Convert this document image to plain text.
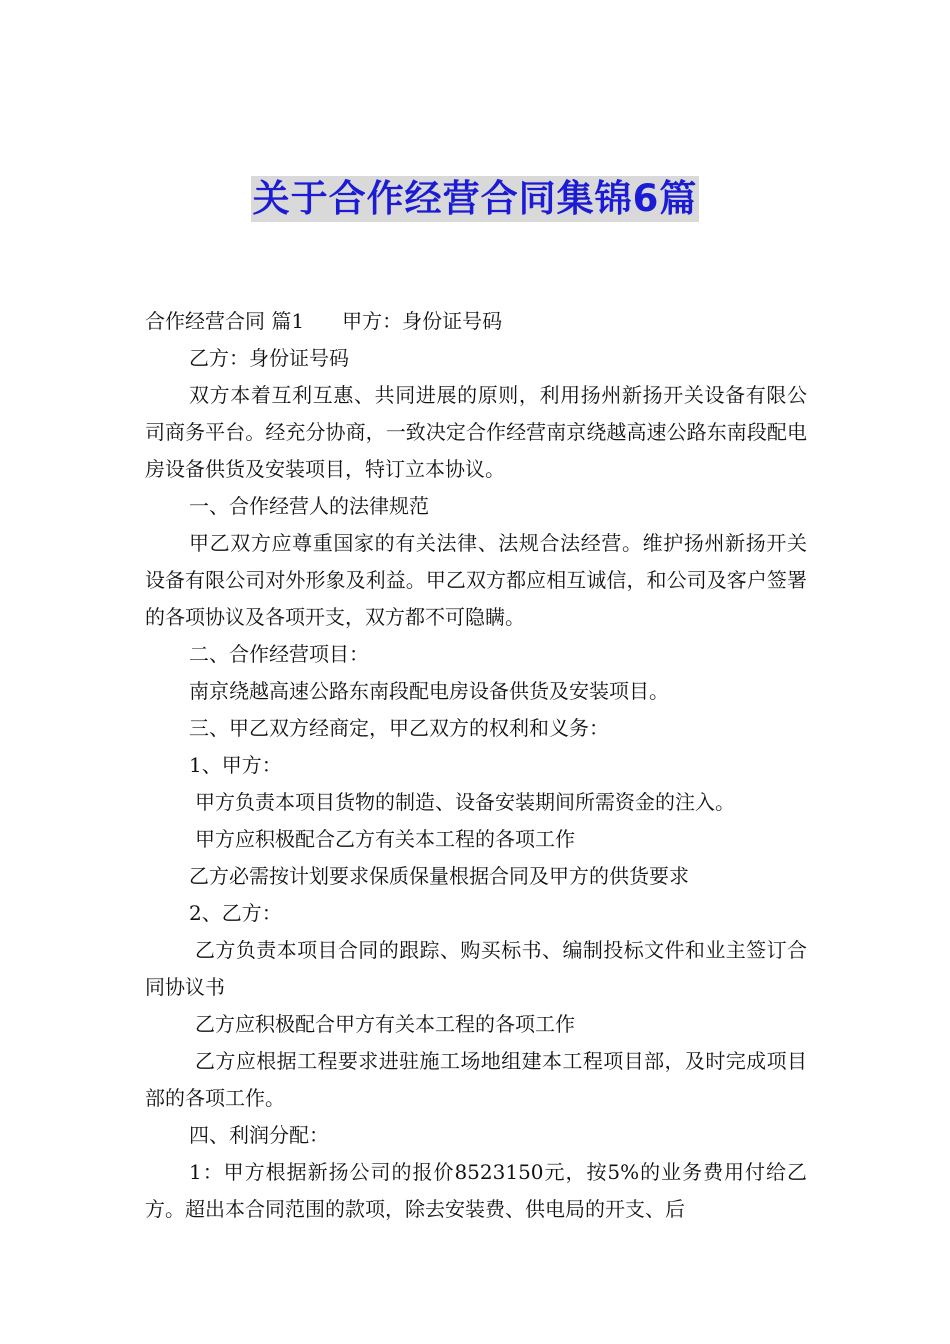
关于合作经营合同集锦6篇

合作经营合同 篇1 甲方：身份证号码

乙方：身份证号码

双方本着互利互惠、共同进展的原则，利用扬州新扬开关设备有限公司商务平台。经充分协商，一致决定合作经营南京绕越高速公路东南段配电房设备供货及安装项目，特订立本协议。

一、合作经营人的法律规范

甲乙双方应尊重国家的有关法律、法规合法经营。维护扬州新扬开关设备有限公司对外形象及利益。甲乙双方都应相互诚信，和公司及客户签署的各项协议及各项开支，双方都不可隐瞒。

二、合作经营项目：

南京绕越高速公路东南段配电房设备供货及安装项目。

三、甲乙双方经商定，甲乙双方的权利和义务：

1、甲方：

甲方负责本项目货物的制造、设备安装期间所需资金的注入。

甲方应积极配合乙方有关本工程的各项工作

乙方必需按计划要求保质保量根据合同及甲方的供货要求

2、乙方：

乙方负责本项目合同的跟踪、购买标书、编制投标文件和业主签订合同协议书

乙方应积极配合甲方有关本工程的各项工作

乙方应根据工程要求进驻施工场地组建本工程项目部，及时完成项目部的各项工作。

四、利润分配：

1：甲方根据新扬公司的报价8523150元，按5%的业务费用付给乙方。超出本合同范围的款项，除去安装费、供电局的开支、后
